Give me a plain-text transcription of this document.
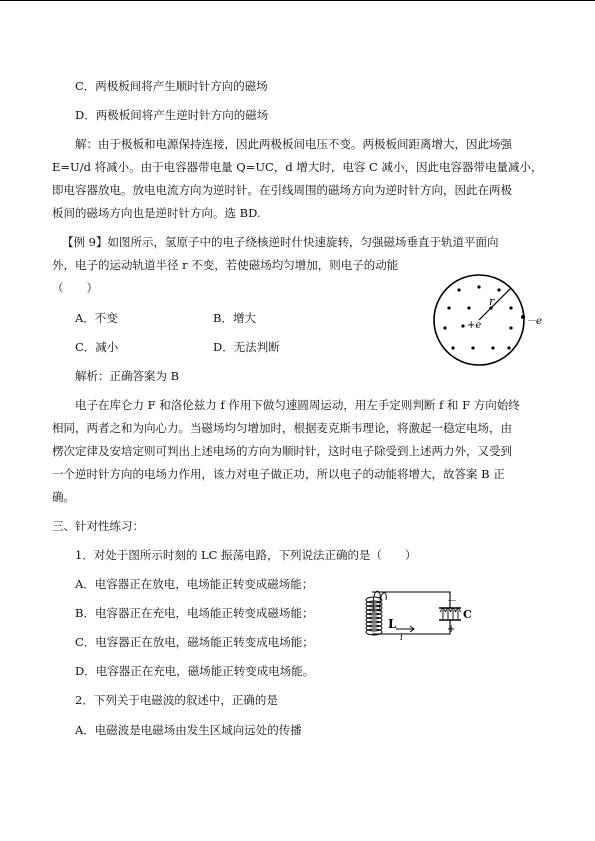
C．两极板间将产生顺时针方向的磁场
D．两极板间将产生逆时针方向的磁场
解：由于极板和电源保持连接，因此两极板间电压不变。两极板间距离增大，因此场强
E=U/d 将减小。由于电容器带电量 Q=UC，d 增大时，电容 C 减小，因此电容器带电量减小，
即电容器放电。放电电流方向为逆时针。在引线周围的磁场方向为逆时针方向，因此在两极
板间的磁场方向也是逆时针方向。选 BD.
【例 9】如图所示，氢原子中的电子绕核逆时什快速旋转，匀强磁场垂直于轨道平面向
外，电子的运动轨道半径 r 不变，若使磁场均匀增加，则电子的动能
（　　）
A．不变	B．增大
C．减小	D．无法判断
解析：正确答案为 B
电子在库仑力 F 和洛伦兹力 f 作用下做匀速圆周运动，用左手定则判断 f 和 F 方向始终
相同，两者之和为向心力。当磁场均匀增加时，根据麦克斯韦理论，将激起一稳定电场，由
楞次定律及安培定则可判出上述电场的方向为顺时针，这时电子除受到上述两力外，又受到
一个逆时针方向的电场力作用，该力对电子做正功，所以电子的动能将增大，故答案 B 正
确。
三、针对性练习：
1．对处于图所示时刻的 LC 振荡电路，下列说法正确的是（　　）
A．电容器正在放电，电场能正转变成磁场能；
B．电容器正在充电，电场能正转变成磁场能；
C．电容器正在放电，磁场能正转变成电场能；
D．电容器正在充电，磁场能正转变成电场能。
2．下列关于电磁波的叙述中，正确的是
A．电磁波是电磁场由发生区域向远处的传播
r
+e	－e
L
i
C
－
+
